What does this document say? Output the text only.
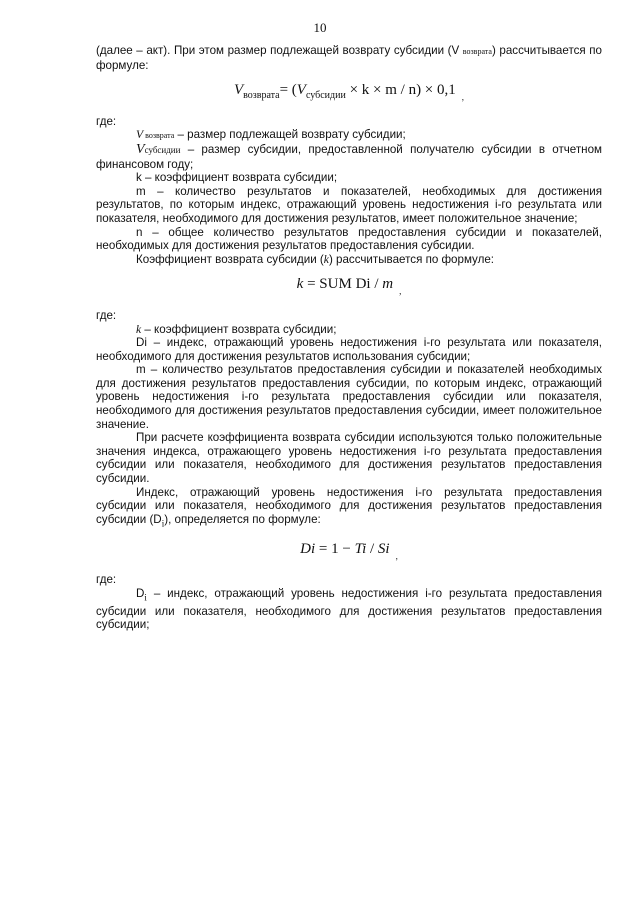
10

(далее – акт). При этом размер подлежащей возврату субсидии (V возврата) рассчитывается по формуле:

$V_{возврата}= (V_{субсидии} \times k \times m / n) \times 0,1$ $_,$

где:

V возврата – размер подлежащей возврату субсидии;

Vсубсидии – размер субсидии, предоставленной получателю субсидии в отчетном финансовом году;

k – коэффициент возврата субсидии;

m – количество результатов и показателей, необходимых для достижения результатов, по которым индекс, отражающий уровень недостижения i-го результата или показателя, необходимого для достижения результатов, имеет положительное значение;

n – общее количество результатов предоставления субсидии и показателей, необходимых для достижения результатов предоставления субсидии.

Коэффициент возврата субсидии (k) рассчитывается по формуле:

k = SUM Di / m $_,$

где:

k – коэффициент возврата субсидии;

Di – индекс, отражающий уровень недостижения i-го результата или показателя, необходимого для достижения результатов использования субсидии;

m – количество результатов предоставления субсидии и показателей необходимых для достижения результатов предоставления субсидии, по которым индекс, отражающий уровень недостижения i-го результата предоставления субсидии или показателя, необходимого для достижения результатов предоставления субсидии, имеет положительное значение.

При расчете коэффициента возврата субсидии используются только положительные значения индекса, отражающего уровень недостижения i-го результата предоставления субсидии или показателя, необходимого для достижения результатов предоставления субсидии.

Индекс, отражающий уровень недостижения i-го результата предоставления субсидии или показателя, необходимого для достижения результатов предоставления субсидии $(D_i)$, определяется по формуле:

Di = 1 − Ti / Si $_,$

где:

$D_i$ – индекс, отражающий уровень недостижения i-го результата предоставления субсидии или показателя, необходимого для достижения результатов предоставления субсидии;
